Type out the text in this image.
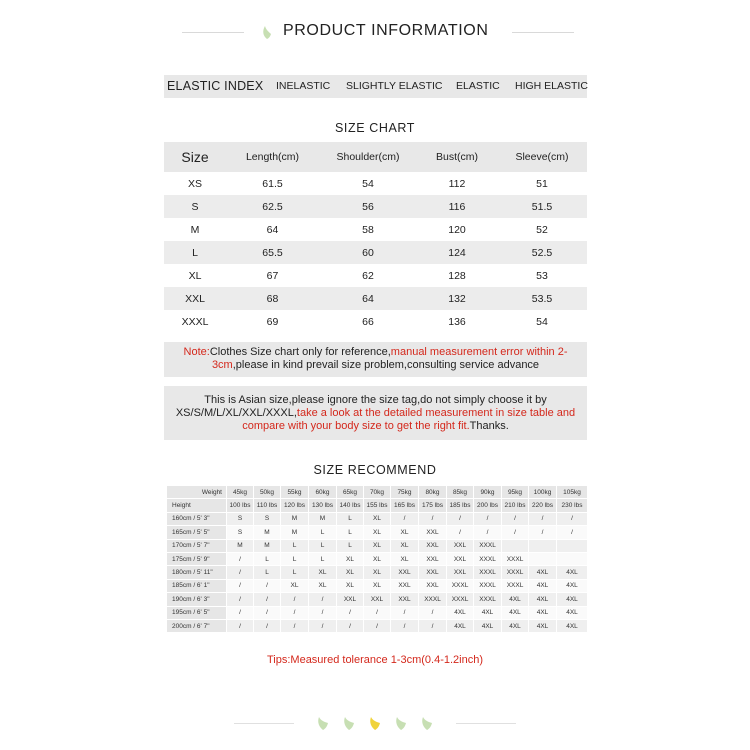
PRODUCT INFORMATION
ELASTIC INDEX INELASTIC SLIGHTLY ELASTIC ELASTIC HIGH ELASTIC
SIZE CHART
Size	Length(cm)	Shoulder(cm)	Bust(cm)	Sleeve(cm)
XS	61.5	54	112	51
S	62.5	56	116	51.5
M	64	58	120	52
L	65.5	60	124	52.5
XL	67	62	128	53
XXL	68	64	132	53.5
XXXL	69	66	136	54
Note:Clothes Size chart only for reference,manual measurement error within 2-3cm,please in kind prevail size problem,consulting service advance
This is Asian size,please ignore the size tag,do not simply choose it by XS/S/M/L/XL/XXL/XXXL,take a look at the detailed measurement in size table and compare with your body size to get the right fit.Thanks.
SIZE RECOMMEND
Weight	45kg	50kg	55kg	60kg	65kg	70kg	75kg	80kg	85kg	90kg	95kg	100kg	105kg
Height	100 lbs	110 lbs	120 lbs	130 lbs	140 lbs	155 lbs	165 lbs	175 lbs	185 lbs	200 lbs	210 lbs	220 lbs	230 lbs
160cm / 5' 3"	S	S	M	M	L	XL	/	/	/	/	/	/	/
165cm / 5' 5"	S	M	M	L	L	XL	XL	XXL	/	/	/	/	/
170cm / 5' 7"	M	M	L	L	L	XL	XL	XXL	XXL	XXXL			
175cm / 5' 9"	/	L	L	L	XL	XL	XL	XXL	XXL	XXXL	XXXL		
180cm / 5' 11"	/	L	L	XL	XL	XL	XXL	XXL	XXL	XXXL	XXXL	4XL	4XL
185cm / 6' 1"	/	/	XL	XL	XL	XL	XXL	XXL	XXXL	XXXL	XXXL	4XL	4XL
190cm / 6' 3"	/	/	/	/	XXL	XXL	XXL	XXXL	XXXL	XXXL	4XL	4XL	4XL
195cm / 6' 5"	/	/	/	/	/	/	/	/	4XL	4XL	4XL	4XL	4XL
200cm / 6' 7"	/	/	/	/	/	/	/	/	4XL	4XL	4XL	4XL	4XL
Tips:Measured tolerance 1-3cm(0.4-1.2inch)
